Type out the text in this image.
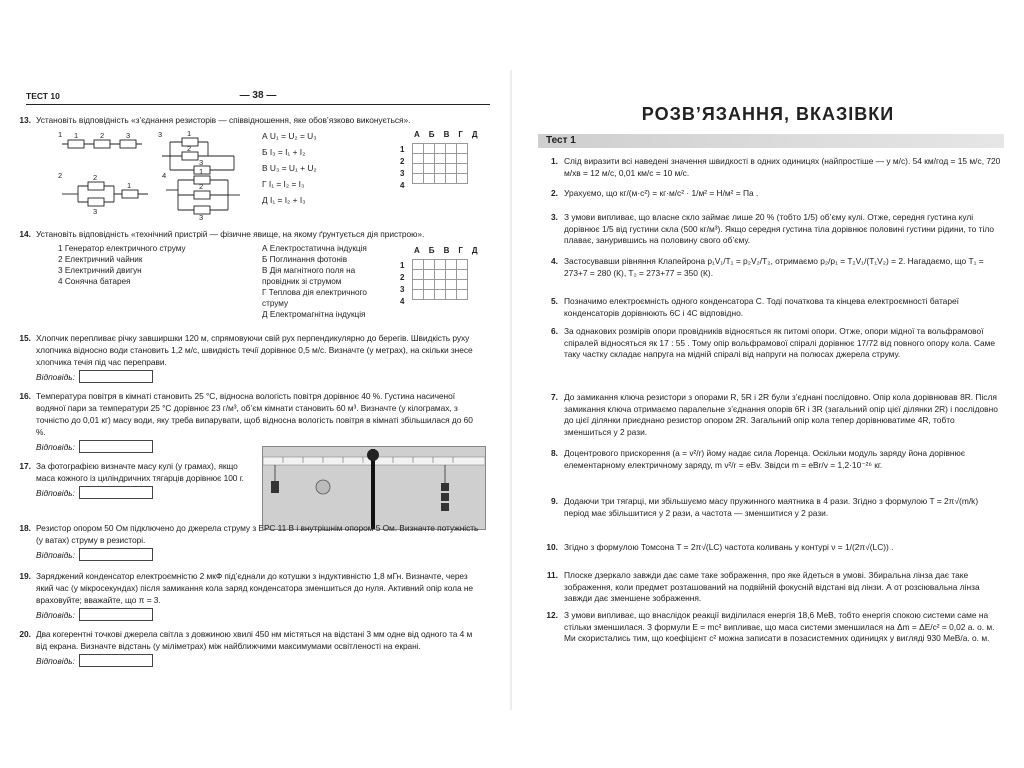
ТЕСТ 10	— 38 —
13. Установіть відповідність «з’єднання резисторів — співвідношення, яке обов’язково виконується».
1 1	2	3	3	1
2
3
2	2
3
1
4	1
2
3
А U₁ = U₂ = U₃
Б I₃ = I₁ + I₂
В U₃ = U₁ + U₂
Г I₁ = I₂ = I₃
Д I₁ = I₂ + I₃
А Б В Г Д
1
2
3
4

14. Установіть відповідність «технічний пристрій — фізичне явище, на якому ґрунтується дія пристрою».
1 Генератор електричного струму
2 Електричний чайник
3 Електричний двигун
4 Сонячна батарея
А Електростатична індукція
Б Поглинання фотонів
В Дія магнітного поля на провідник зі струмом
Г Теплова дія електричного струму
Д Електромагнітна індукція
А Б В Г Д
1
2
3
4

15. Хлопчик перепливає річку завширшки 120 м, спрямовуючи свій рух перпендикулярно до берегів. Швидкість руху хлопчика відносно води становить 1,2 м/с, швидкість течії дорівнює 0,5 м/с. Визначте (у метрах), на скільки знесе хлопчика течія під час переправи.
Відповідь:
16. Температура повітря в кімнаті становить 25 °С, відносна вологість повітря дорівнює 40 %. Густина насиченої водяної пари за температури 25 °С дорівнює 23 г/м³, об’єм кімнати становить 60 м³. Визначте (у кілограмах, з точністю до 0,01 кг) масу води, яку треба випарувати, щоб відносна вологість повітря в кімнаті збільшилася до 60 %.
Відповідь:
17. За фотографією визначте масу кулі (у грамах), якщо маса кожного із циліндричних тягарців дорівнює 100 г.
Відповідь:
18. Резистор опором 50 Ом підключено до джерела струму з ЕРС 11 В і внутрішнім опором 5 Ом. Визначте потужність (у ватах) струму в резисторі.
Відповідь:
19. Заряджений конденсатор електроємністю 2 мкФ під’єднали до котушки з індуктивністю 1,8 мГн. Визначте, через який час (у мікросекундах) після замикання кола заряд конденсатора зменшиться до нуля. Активний опір кола не враховуйте; вважайте, що π = 3.
Відповідь:
20. Два когерентні точкові джерела світла з довжиною хвилі 450 нм містяться на відстані 3 мм одне від одного та 4 м від екрана. Визначте відстань (у міліметрах) між найближчими максимумами освітленості на екрані.
Відповідь:
РОЗВ’ЯЗАННЯ, ВКАЗІВКИ
Тест 1
1. Слід виразити всі наведені значення швидкості в одних одиницях (найпростіше — у м/с). 54 км/год = 15 м/с, 720 м/хв = 12 м/с, 0,01 км/с = 10 м/с.
2. Урахуємо, що кг/(м·с²) = кг·м/с² · 1/м² = Н/м² = Па .
3. З умови випливає, що власне скло займає лише 20 % (тобто 1/5) об’єму кулі. Отже, середня густина кулі дорівнює 1/5 від густини скла (500 кг/м³). Якщо середня густина тіла дорівнює половині густини рідини, то тіло плаває, занурившись на половину свого об’єму.
4. Застосувавши рівняння Клапейрона p₁V₁/T₁ = p₂V₂/T₂, отримаємо p₂/p₁ = T₂V₁/(T₁V₂) = 2. Нагадаємо, що T₁ = 273+7 = 280 (К), T₂ = 273+77 = 350 (К).
5. Позначимо електроємність одного конденсатора C. Тоді початкова та кінцева електроємності батареї конденсаторів дорівнюють 6C і 4C відповідно.
6. За однакових розмірів опори провідників відносяться як питомі опори. Отже, опори мідної та вольфрамової спіралей відносяться як 17 : 55 . Тому опір вольфрамової спіралі дорівнює 17/72 від повного опору кола. Саме таку частку складає напруга на мідній спіралі від напруги на полюсах джерела струму.
7. До замикання ключа резистори з опорами R, 5R і 2R були з’єднані послідовно. Опір кола дорівнював 8R. Після замикання ключа отримаємо паралельне з’єднання опорів 6R і 3R (загальний опір цієї ділянки 2R) і послідовно до цієї ділянки приєднано резистор опором 2R. Загальний опір кола тепер дорівнюватиме 4R, тобто зменшиться у 2 рази.
8. Доцентрового прискорення (a = v²/r) йому надає сила Лоренца. Оскільки модуль заряду йона дорівнює елементарному електричному заряду, m v²/r = eBv. Звідси m = eBr/v = 1,2·10⁻²⁶ кг.
9. Додаючи три тягарці, ми збільшуємо масу пружинного маятника в 4 рази. Згідно з формулою T = 2π√(m/k) період має збільшитися у 2 рази, а частота — зменшитися у 2 рази.
10. Згідно з формулою Томсона T = 2π√(LC) частота коливань у контурі ν = 1/(2π√(LC)) .
11. Плоске дзеркало завжди дає саме таке зображення, про яке йдеться в умові. Збиральна лінза дає таке зображення, коли предмет розташований на подвійній фокусній відстані від лінзи. А от розсіювальна лінза завжди дає зменшене зображення.
12. З умови випливає, що внаслідок реакції виділилася енергія 18,6 MeB, тобто енергія спокою системи саме на стільки зменшилася. З формули E = mc² випливає, що маса системи зменшилася на Δm = ΔE/c² = 0,02 а. о. м. Ми скористались тим, що коефіцієнт c² можна записати в позасистемних одиницях у вигляді 930 MeB/а. о. м.
